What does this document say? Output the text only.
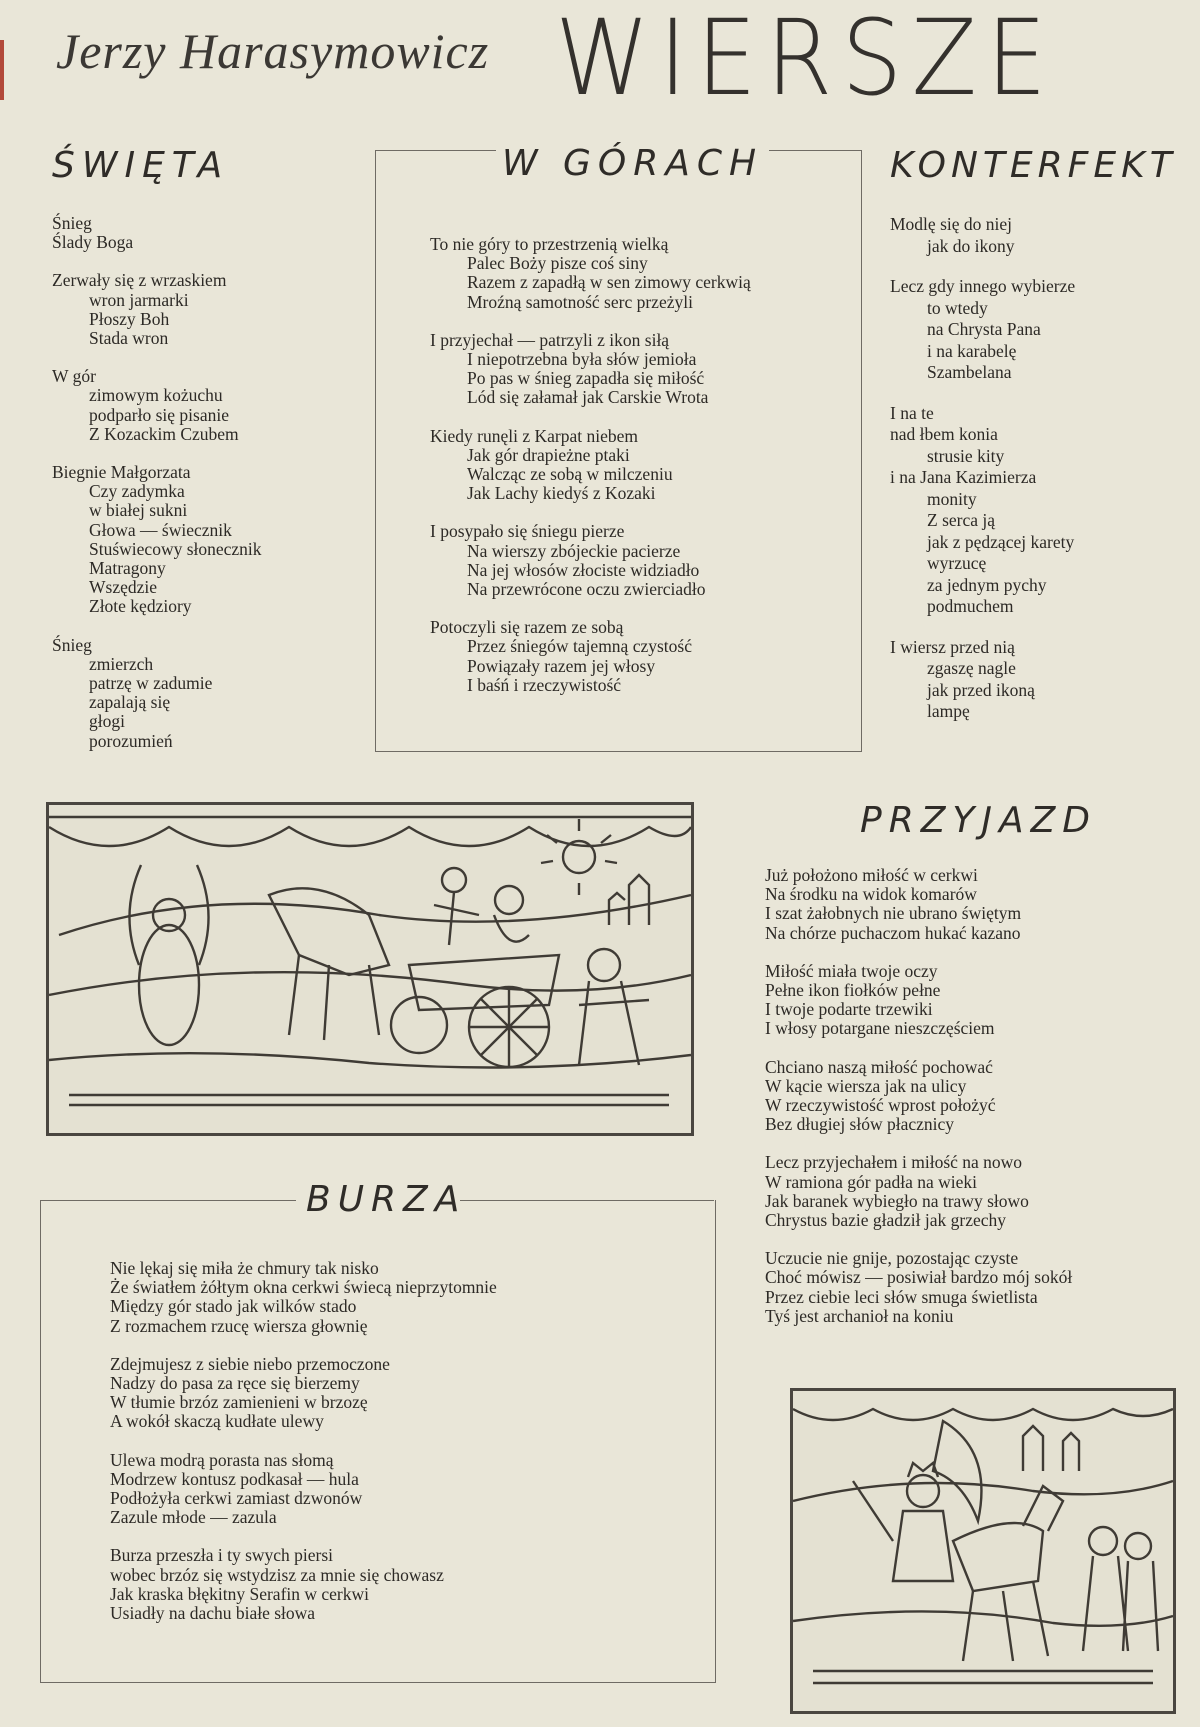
Jerzy Harasymowicz WIERSZE
ŚWIĘTA
Śnieg
Ślady Boga
Zerwały się z wrzaskiem
wron jarmarki
Płoszy Boh
Stada wron
W gór
zimowym kożuchu
podparło się pisanie
Z Kozackim Czubem
Biegnie Małgorzata
Czy zadymka
w białej sukni
Głowa — świecznik
Stuświecowy słonecznik
Matragony
Wszędzie
Złote kędziory
Śnieg
zmierzch
patrzę w zadumie
zapalają się
głogi
porozumień
W GÓRACH
To nie góry to przestrzenią wielką
Palec Boży pisze coś siny
Razem z zapadłą w sen zimowy cerkwią
Mroźną samotność serc przeżyli
I przyjechał — patrzyli z ikon siłą
I niepotrzebna była słów jemioła
Po pas w śnieg zapadła się miłość
Lód się załamał jak Carskie Wrota
Kiedy runęli z Karpat niebem
Jak gór drapieżne ptaki
Walcząc ze sobą w milczeniu
Jak Lachy kiedyś z Kozaki
I posypało się śniegu pierze
Na wierszy zbójeckie pacierze
Na jej włosów złociste widziadło
Na przewrócone oczu zwierciadło
Potoczyli się razem ze sobą
Przez śniegów tajemną czystość
Powiązały razem jej włosy
I baśń i rzeczywistość
KONTERFEKT
Modlę się do niej
jak do ikony
Lecz gdy innego wybierze
to wtedy
na Chrysta Pana
i na karabelę
Szambelana
I na te
nad łbem konia
strusie kity
i na Jana Kazimierza
monity
Z serca ją
jak z pędzącej karety
wyrzucę
za jednym pychy
podmuchem
I wiersz przed nią
zgaszę nagle
jak przed ikoną
lampę
PRZYJAZD
Już położono miłość w cerkwi
Na środku na widok komarów
I szat żałobnych nie ubrano świętym
Na chórze puchaczom hukać kazano
Miłość miała twoje oczy
Pełne ikon fiołków pełne
I twoje podarte trzewiki
I włosy potargane nieszczęściem
Chciano naszą miłość pochować
W kącie wiersza jak na ulicy
W rzeczywistość wprost położyć
Bez długiej słów płacznicy
Lecz przyjechałem i miłość na nowo
W ramiona gór padła na wieki
Jak baranek wybiegło na trawy słowo
Chrystus bazie gładził jak grzechy
Uczucie nie gnije, pozostając czyste
Choć mówisz — posiwiał bardzo mój sokół
Przez ciebie leci słów smuga świetlista
Tyś jest archanioł na koniu
BURZA
Nie lękaj się miła że chmury tak nisko
Że światłem żółtym okna cerkwi świecą nieprzytomnie
Między gór stado jak wilków stado
Z rozmachem rzucę wiersza głownię
Zdejmujesz z siebie niebo przemoczone
Nadzy do pasa za ręce się bierzemy
W tłumie brzóz zamienieni w brzozę
A wokół skaczą kudłate ulewy
Ulewa modrą porasta nas słomą
Modrzew kontusz podkasał — hula
Podłożyła cerkwi zamiast dzwonów
Zazule młode — zazula
Burza przeszła i ty swych piersi
wobec brzóz się wstydzisz za mnie się chowasz
Jak kraska błękitny Serafin w cerkwi
Usiadły na dachu białe słowa
